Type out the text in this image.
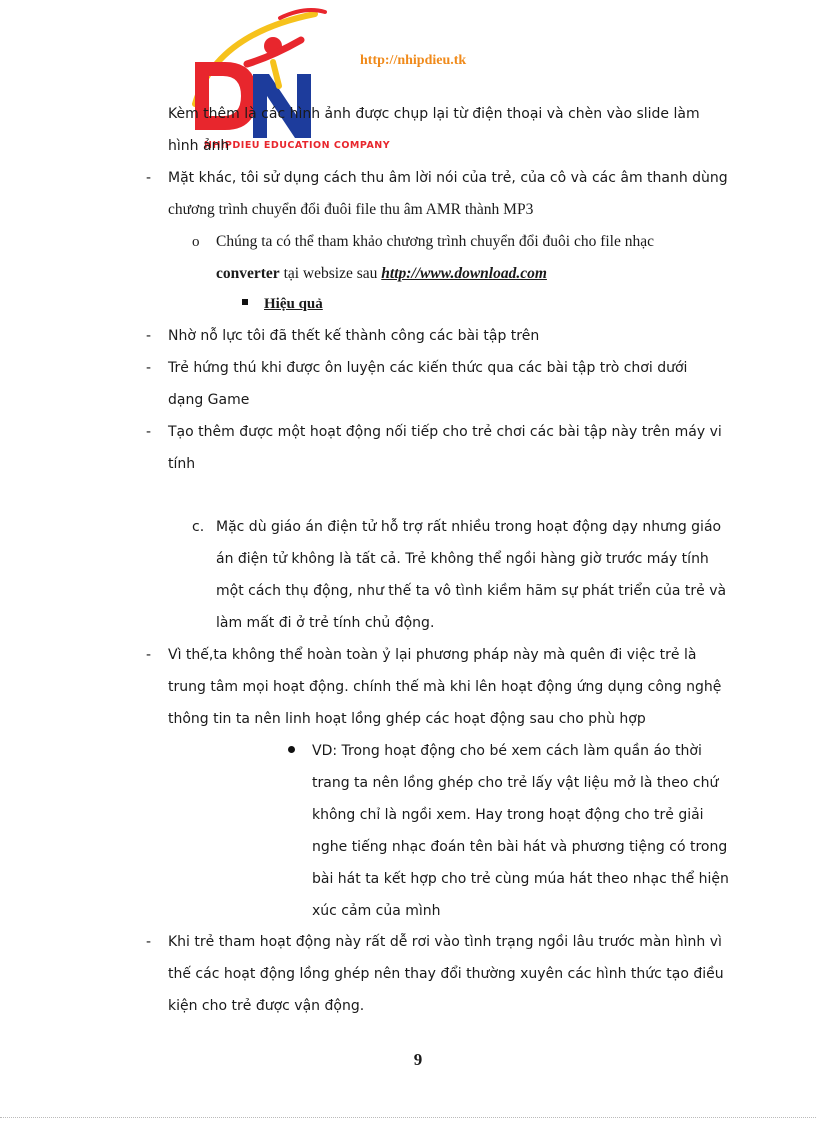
NHIPDIEU EDUCATION COMPANY
http://nhipdieu.tk
Kèm thêm là các hình ảnh được chụp lại từ điện thoại và chèn vào slide làm
hình ảnh
- Mặt khác, tôi sử dụng cách thu âm lời nói của trẻ, của cô và các âm thanh dùng
chương trình chuyển đổi đuôi file thu âm AMR thành MP3
o Chúng ta có thể tham khảo chương trình chuyển đổi đuôi cho file nhạc
converter tại websize sau http://www.download.com
Hiệu quả
- Nhờ nỗ lực tôi đã thết kế thành công các bài tập trên
- Trẻ hứng thú khi được ôn luyện các kiến thức qua các bài tập trò chơi dưới
dạng Game
- Tạo thêm được một hoạt động nối tiếp cho trẻ chơi các bài tập này trên máy vi
tính
c. Mặc dù giáo án điện tử hỗ trợ rất nhiều trong hoạt động dạy nhưng giáo
án điện tử không là tất cả. Trẻ không thể ngồi hàng giờ trước máy tính
một cách thụ động, như thế ta vô tình kiềm hãm sự phát triển của trẻ và
làm mất đi ở trẻ tính chủ động.
- Vì thế,ta không thể hoàn toàn ỷ lại phương pháp này mà quên đi việc trẻ là
trung tâm mọi hoạt động. chính thế mà khi lên hoạt động ứng dụng công nghệ
thông tin ta nên linh hoạt lồng ghép các hoạt động sau cho phù hợp
VD: Trong hoạt động cho bé xem cách làm quần áo thời
trang ta nên lồng ghép cho trẻ lấy vật liệu mở là theo chứ
không chỉ là ngồi xem. Hay trong hoạt động cho trẻ giải
nghe tiếng nhạc đoán tên bài hát và phương tiệng có trong
bài hát ta kết hợp cho trẻ cùng múa hát theo nhạc thể hiện
xúc cảm của mình
- Khi trẻ tham hoạt động này rất dễ rơi vào tình trạng ngồi lâu trước màn hình vì
thế các hoạt động lồng ghép nên thay đổi thường xuyên các hình thức tạo điều
kiện cho trẻ được vận động.
9
